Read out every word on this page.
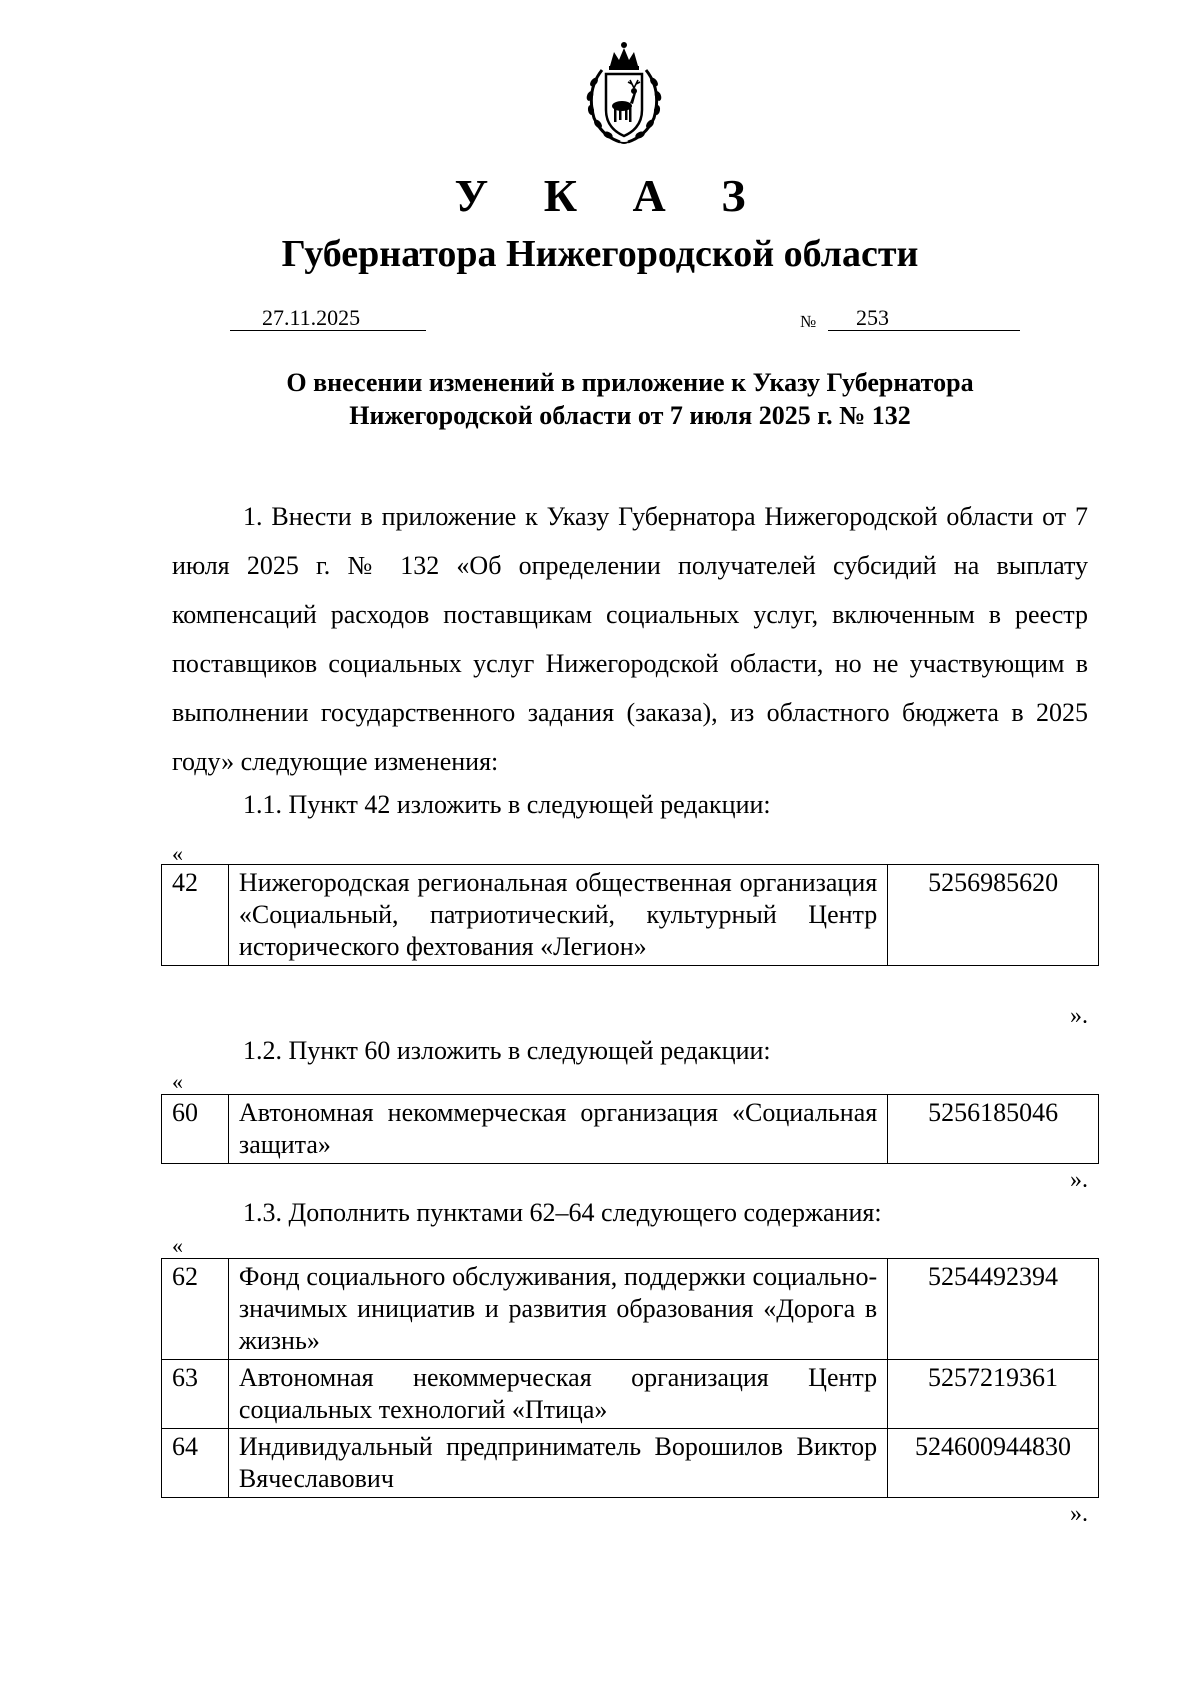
У К А З
Губернатора Нижегородской области
27.11.2025	№ 253
О внесении изменений в приложение к Указу Губернатора
Нижегородской области от 7 июля 2025 г. № 132
1. Внести в приложение к Указу Губернатора Нижегородской области от 7 июля 2025 г. № 132 «Об определении получателей субсидий на выплату компенсаций расходов поставщикам социальных услуг, включенным в реестр поставщиков социальных услуг Нижегородской области, но не участвующим в выполнении государственного задания (заказа), из областного бюджета в 2025 году» следующие изменения:
1.1. Пункт 42 изложить в следующей редакции:
«
42	Нижегородская региональная общественная организация «Социальный, патриотический, культурный Центр исторического фехтования «Легион»	5256985620
».
1.2. Пункт 60 изложить в следующей редакции:
«
60	Автономная некоммерческая организация «Социальная защита»	5256185046
».
1.3. Дополнить пунктами 62–64 следующего содержания:
«
62	Фонд социального обслуживания, поддержки социально-значимых инициатив и развития образования «Дорога в жизнь»	5254492394
63	Автономная некоммерческая организация Центр социальных технологий «Птица»	5257219361
64	Индивидуальный предприниматель Ворошилов Виктор Вячеславович	524600944830
».
